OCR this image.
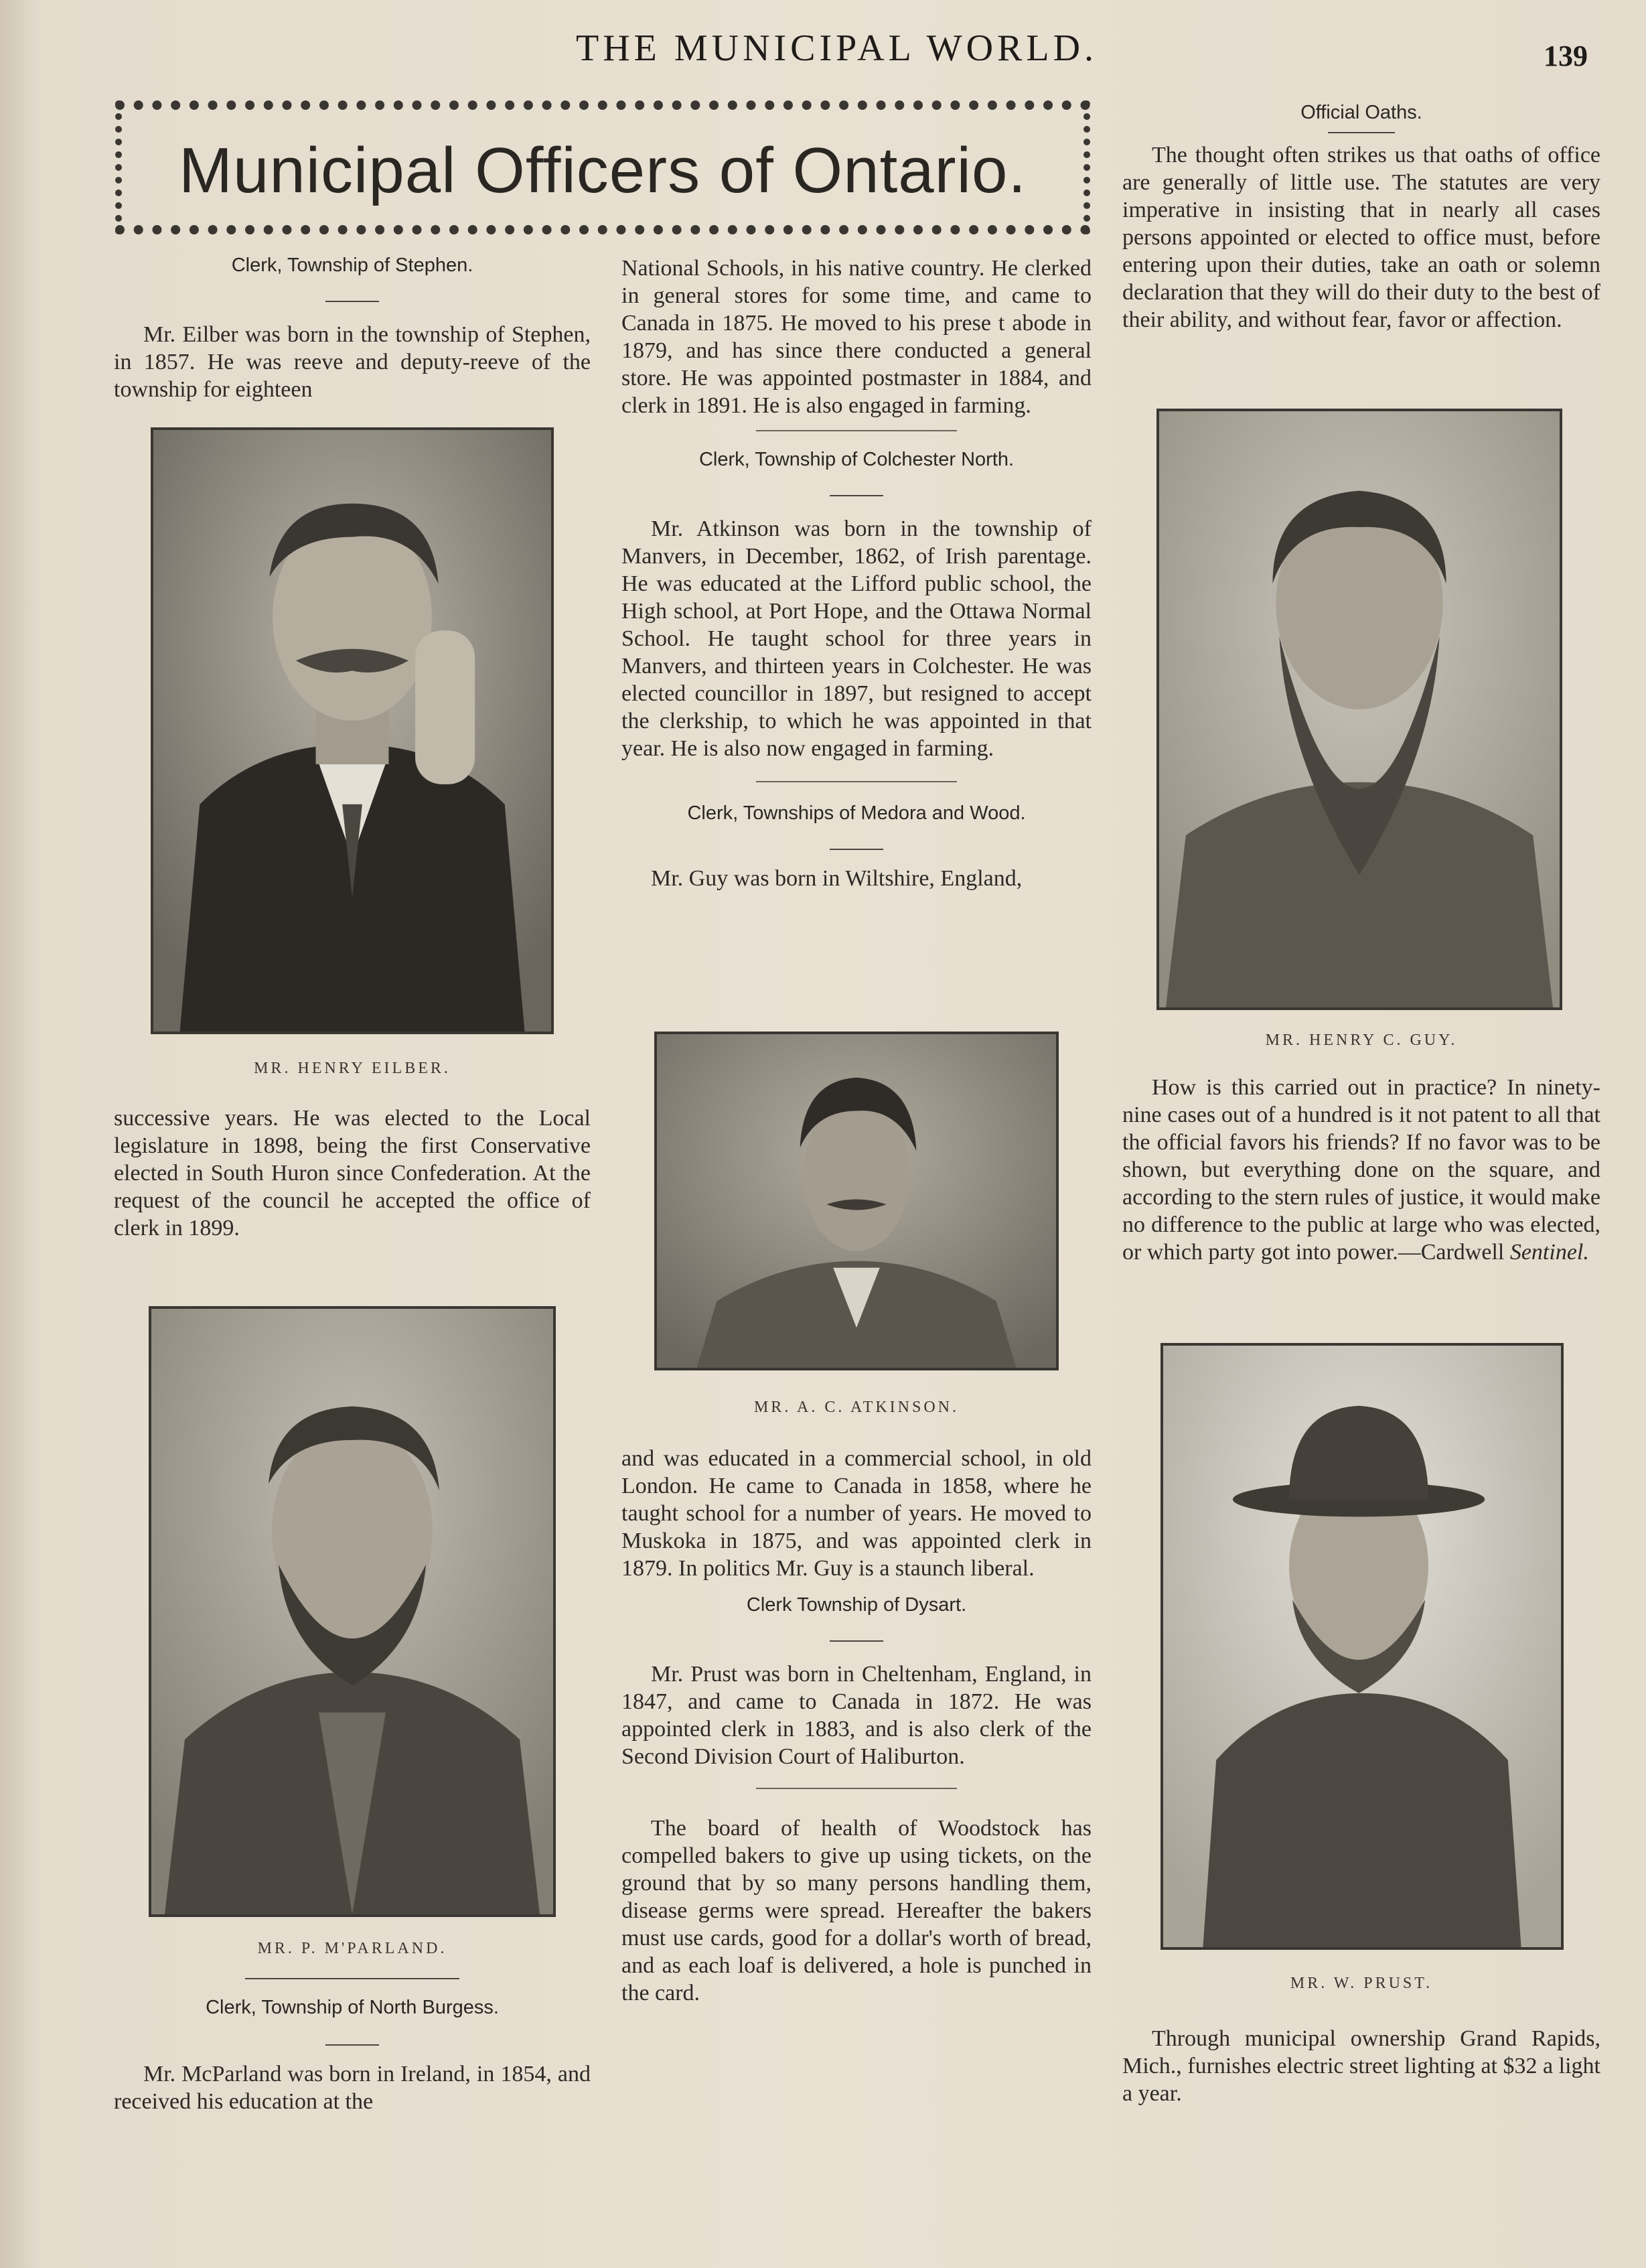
THE MUNICIPAL WORLD.	139
Municipal Officers of Ontario.
Clerk, Township of Stephen.

Mr. Eilber was born in the township of Stephen, in 1857. He was reeve and deputy-reeve of the township for eighteen

MR. HENRY EILBER.

successive years. He was elected to the Local legislature in 1898, being the first Conservative elected in South Huron since Confederation. At the request of the council he accepted the office of clerk in 1899.

MR. P. M'PARLAND.
Clerk, Township of North Burgess.

Mr. McParland was born in Ireland, in 1854, and received his education at the

National Schools, in his native country. He clerked in general stores for some time, and came to Canada in 1875. He moved to his prese t abode in 1879, and has since there conducted a general store. He was appointed postmaster in 1884, and clerk in 1891. He is also engaged in farming.

Clerk, Township of Colchester North.

Mr. Atkinson was born in the township of Manvers, in December, 1862, of Irish parentage. He was educated at the Lifford public school, the High school, at Port Hope, and the Ottawa Normal School. He taught school for three years in Manvers, and thirteen years in Colchester. He was elected councillor in 1897, but resigned to accept the clerkship, to which he was appointed in that year. He is also now engaged in farming.

Clerk, Townships of Medora and Wood.

Mr. Guy was born in Wiltshire, England,

MR. A. C. ATKINSON.

and was educated in a commercial school, in old London. He came to Canada in 1858, where he taught school for a number of years. He moved to Muskoka in 1875, and was appointed clerk in 1879. In politics Mr. Guy is a staunch liberal.

Clerk Township of Dysart.

Mr. Prust was born in Cheltenham, England, in 1847, and came to Canada in 1872. He was appointed clerk in 1883, and is also clerk of the Second Division Court of Haliburton.

The board of health of Woodstock has compelled bakers to give up using tickets, on the ground that by so many persons handling them, disease germs were spread. Hereafter the bakers must use cards, good for a dollar's worth of bread, and as each loaf is delivered, a hole is punched in the card.

Official Oaths.

The thought often strikes us that oaths of office are generally of little use. The statutes are very imperative in insisting that in nearly all cases persons appointed or elected to office must, before entering upon their duties, take an oath or solemn declaration that they will do their duty to the best of their ability, and without fear, favor or affection.

MR. HENRY C. GUY.

How is this carried out in practice? In ninety-nine cases out of a hundred is it not patent to all that the official favors his friends? If no favor was to be shown, but everything done on the square, and according to the stern rules of justice, it would make no difference to the public at large who was elected, or which party got into power.—Cardwell Sentinel.

MR. W. PRUST.

Through municipal ownership Grand Rapids, Mich., furnishes electric street lighting at $32 a light a year.
